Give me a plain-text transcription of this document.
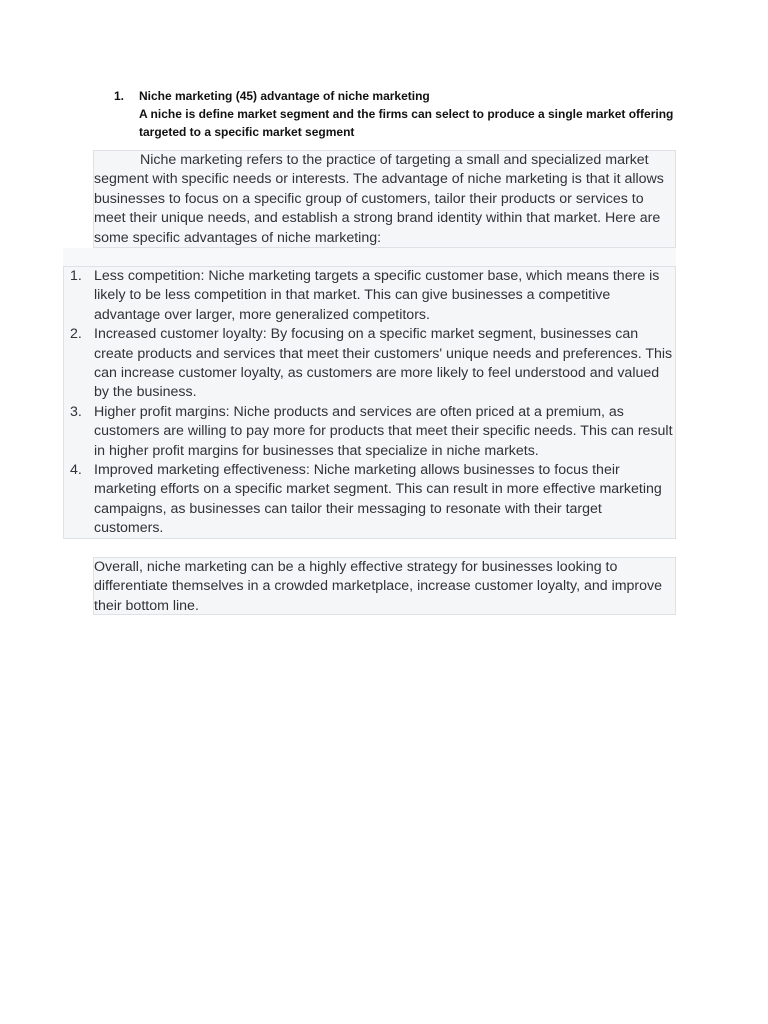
1.	Niche marketing (45) advantage of niche marketing
A niche is define market segment and the firms can select to produce a single market offering targeted to a specific market segment

Niche marketing refers to the practice of targeting a small and specialized market segment with specific needs or interests. The advantage of niche marketing is that it allows businesses to focus on a specific group of customers, tailor their products or services to meet their unique needs, and establish a strong brand identity within that market. Here are some specific advantages of niche marketing:

1. Less competition: Niche marketing targets a specific customer base, which means there is likely to be less competition in that market. This can give businesses a competitive advantage over larger, more generalized competitors.
2. Increased customer loyalty: By focusing on a specific market segment, businesses can create products and services that meet their customers' unique needs and preferences. This can increase customer loyalty, as customers are more likely to feel understood and valued by the business.
3. Higher profit margins: Niche products and services are often priced at a premium, as customers are willing to pay more for products that meet their specific needs. This can result in higher profit margins for businesses that specialize in niche markets.
4. Improved marketing effectiveness: Niche marketing allows businesses to focus their marketing efforts on a specific market segment. This can result in more effective marketing campaigns, as businesses can tailor their messaging to resonate with their target customers.

Overall, niche marketing can be a highly effective strategy for businesses looking to differentiate themselves in a crowded marketplace, increase customer loyalty, and improve their bottom line.
